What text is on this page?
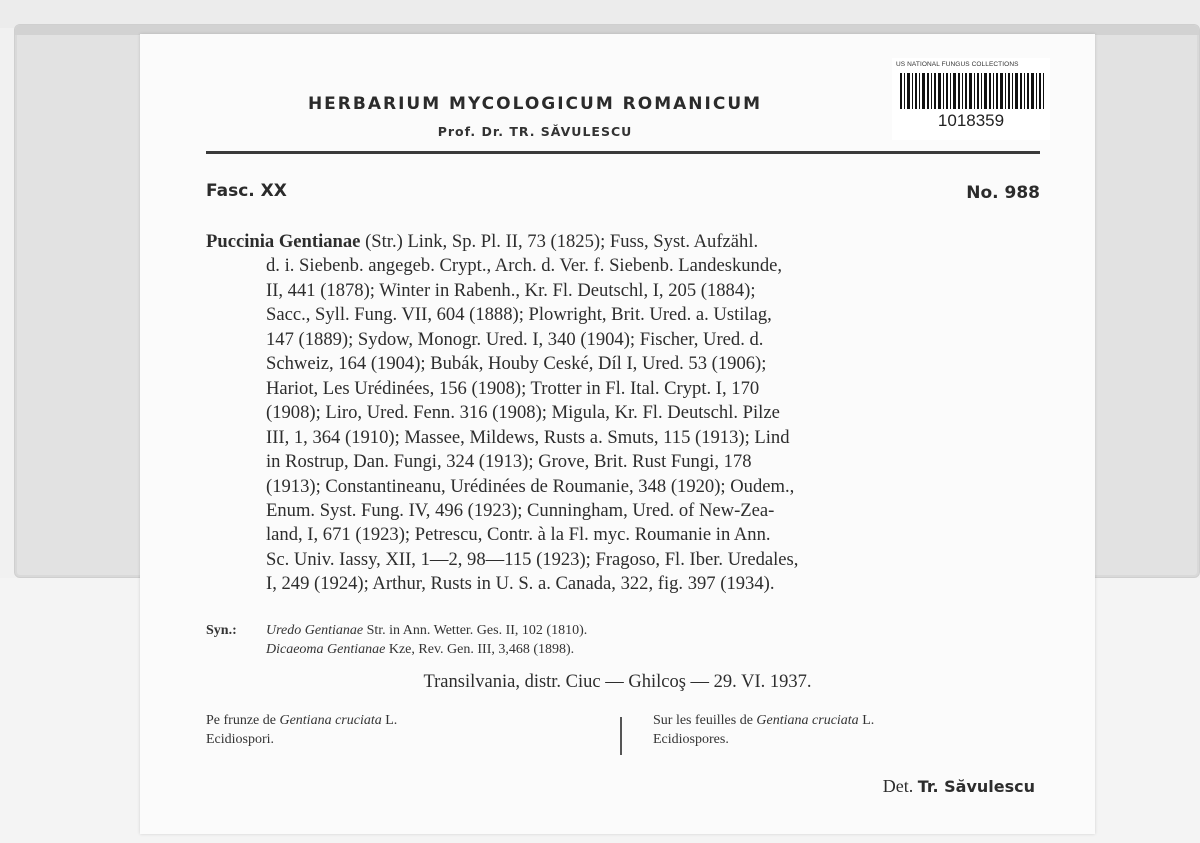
US NATIONAL FUNGUS COLLECTIONS
1018359
HERBARIUM MYCOLOGICUM ROMANICUM
Prof. Dr. TR. SĂVULESCU
Fasc. XX	No. 988
Puccinia Gentianae (Str.) Link, Sp. Pl. II, 73 (1825); Fuss, Syst. Aufzähl.
d. i. Siebenb. angegeb. Crypt., Arch. d. Ver. f. Siebenb. Landeskunde,
II, 441 (1878); Winter in Rabenh., Kr. Fl. Deutschl, I, 205 (1884);
Sacc., Syll. Fung. VII, 604 (1888); Plowright, Brit. Ured. a. Ustilag,
147 (1889); Sydow, Monogr. Ured. I, 340 (1904); Fischer, Ured. d.
Schweiz, 164 (1904); Bubák, Houby Ceské, Díl I, Ured. 53 (1906);
Hariot, Les Urédinées, 156 (1908); Trotter in Fl. Ital. Crypt. I, 170
(1908); Liro, Ured. Fenn. 316 (1908); Migula, Kr. Fl. Deutschl. Pilze
III, 1, 364 (1910); Massee, Mildews, Rusts a. Smuts, 115 (1913); Lind
in Rostrup, Dan. Fungi, 324 (1913); Grove, Brit. Rust Fungi, 178
(1913); Constantineanu, Urédinées de Roumanie, 348 (1920); Oudem.,
Enum. Syst. Fung. IV, 496 (1923); Cunningham, Ured. of New-Zea-
land, I, 671 (1923); Petrescu, Contr. à la Fl. myc. Roumanie in Ann.
Sc. Univ. Iassy, XII, 1—2, 98—115 (1923); Fragoso, Fl. Iber. Uredales,
I, 249 (1924); Arthur, Rusts in U. S. a. Canada, 322, fig. 397 (1934).
Syn.: Uredo Gentianae Str. in Ann. Wetter. Ges. II, 102 (1810).
Dicaeoma Gentianae Kze, Rev. Gen. III, 3,468 (1898).
Transilvania, distr. Ciuc — Ghilcoş — 29. VI. 1937.
Pe frunze de Gentiana cruciata L.
Ecidiospori.
Sur les feuilles de Gentiana cruciata L.
Ecidiospores.
Det. Tr. Săvulescu
